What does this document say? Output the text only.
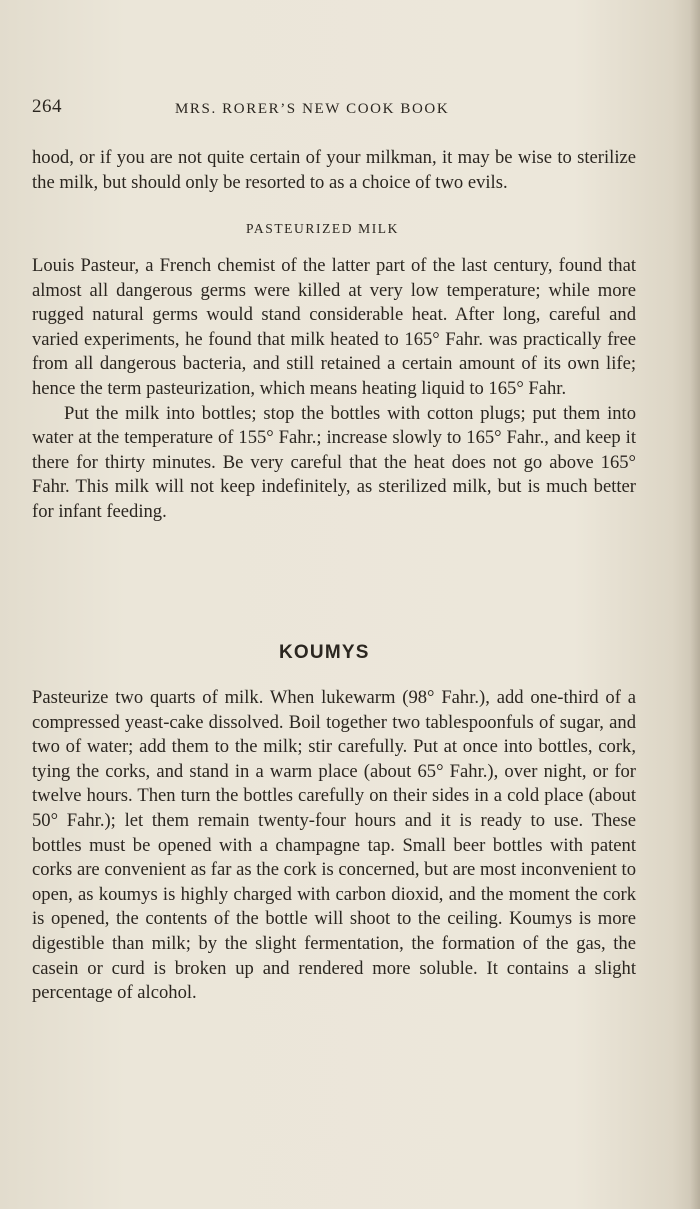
264	MRS. RORER’S NEW COOK BOOK

hood, or if you are not quite certain of your milkman, it may be wise to sterilize the milk, but should only be resorted to as a choice of two evils.

PASTEURIZED MILK

Louis Pasteur, a French chemist of the latter part of the last century, found that almost all dangerous germs were killed at very low temperature; while more rugged natural germs would stand considerable heat. After long, careful and varied experiments, he found that milk heated to 165° Fahr. was practically free from all dangerous bacteria, and still retained a certain amount of its own life; hence the term pasteurization, which means heating liquid to 165° Fahr.

Put the milk into bottles; stop the bottles with cotton plugs; put them into water at the temperature of 155° Fahr.; increase slowly to 165° Fahr., and keep it there for thirty minutes. Be very careful that the heat does not go above 165° Fahr. This milk will not keep indefinitely, as sterilized milk, but is much better for infant feeding.

KOUMYS

Pasteurize two quarts of milk. When lukewarm (98° Fahr.), add one-third of a compressed yeast-cake dissolved. Boil together two tablespoonfuls of sugar, and two of water; add them to the milk; stir carefully. Put at once into bottles, cork, tying the corks, and stand in a warm place (about 65° Fahr.), over night, or for twelve hours. Then turn the bottles carefully on their sides in a cold place (about 50° Fahr.); let them remain twenty-four hours and it is ready to use. These bottles must be opened with a champagne tap. Small beer bottles with patent corks are convenient as far as the cork is concerned, but are most inconvenient to open, as koumys is highly charged with carbon dioxid, and the moment the cork is opened, the contents of the bottle will shoot to the ceiling. Koumys is more digestible than milk; by the slight fermentation, the formation of the gas, the casein or curd is broken up and rendered more soluble. It contains a slight percentage of alcohol.
